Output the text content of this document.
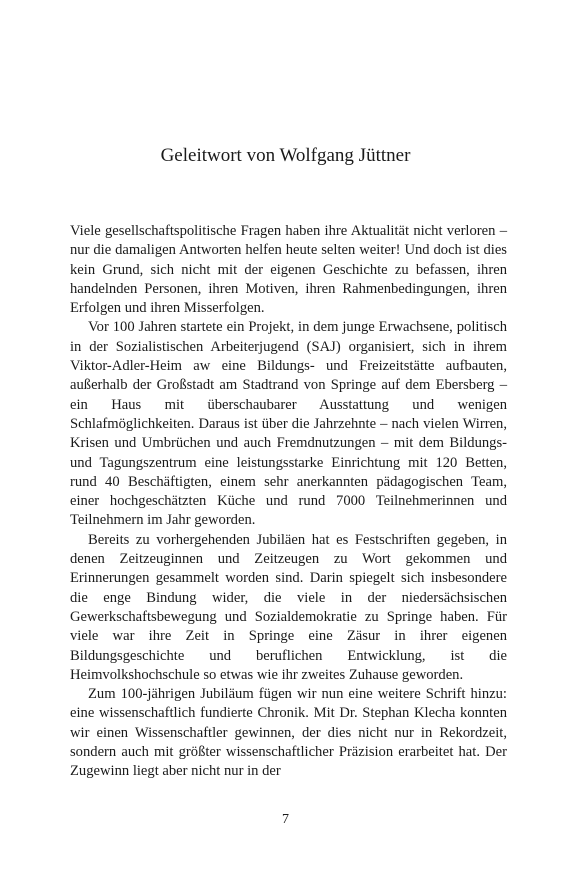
Geleitwort von Wolfgang Jüttner

Viele gesellschaftspolitische Fragen haben ihre Aktualität nicht verloren – nur die damaligen Antworten helfen heute selten weiter! Und doch ist dies kein Grund, sich nicht mit der eigenen Geschichte zu befassen, ihren handelnden Personen, ihren Motiven, ihren Rahmenbedingungen, ihren Erfolgen und ihren Misserfolgen.

Vor 100 Jahren startete ein Projekt, in dem junge Erwachsene, politisch in der Sozialistischen Arbeiterjugend (SAJ) organisiert, sich in ihrem Viktor-Adler-Heim aw eine Bildungs- und Freizeitstätte aufbauten, außerhalb der Großstadt am Stadtrand von Springe auf dem Ebersberg – ein Haus mit überschaubarer Ausstattung und wenigen Schlafmöglichkeiten. Daraus ist über die Jahrzehnte – nach vielen Wirren, Krisen und Umbrüchen und auch Fremdnutzungen – mit dem Bildungs- und Tagungszentrum eine leistungsstarke Einrichtung mit 120 Betten, rund 40 Beschäftigten, einem sehr anerkannten pädagogischen Team, einer hochgeschätzten Küche und rund 7000 Teilnehmerinnen und Teilnehmern im Jahr geworden.

Bereits zu vorhergehenden Jubiläen hat es Festschriften gegeben, in denen Zeitzeuginnen und Zeitzeugen zu Wort gekommen und Erinnerungen gesammelt worden sind. Darin spiegelt sich insbesondere die enge Bindung wider, die viele in der niedersächsischen Gewerkschaftsbewegung und Sozialdemokratie zu Springe haben. Für viele war ihre Zeit in Springe eine Zäsur in ihrer eigenen Bildungsgeschichte und beruflichen Entwicklung, ist die Heimvolkshochschule so etwas wie ihr zweites Zuhause geworden.

Zum 100-jährigen Jubiläum fügen wir nun eine weitere Schrift hinzu: eine wissenschaftlich fundierte Chronik. Mit Dr. Stephan Klecha konnten wir einen Wissenschaftler gewinnen, der dies nicht nur in Rekordzeit, sondern auch mit größter wissenschaftlicher Präzision erarbeitet hat. Der Zugewinn liegt aber nicht nur in der

7
